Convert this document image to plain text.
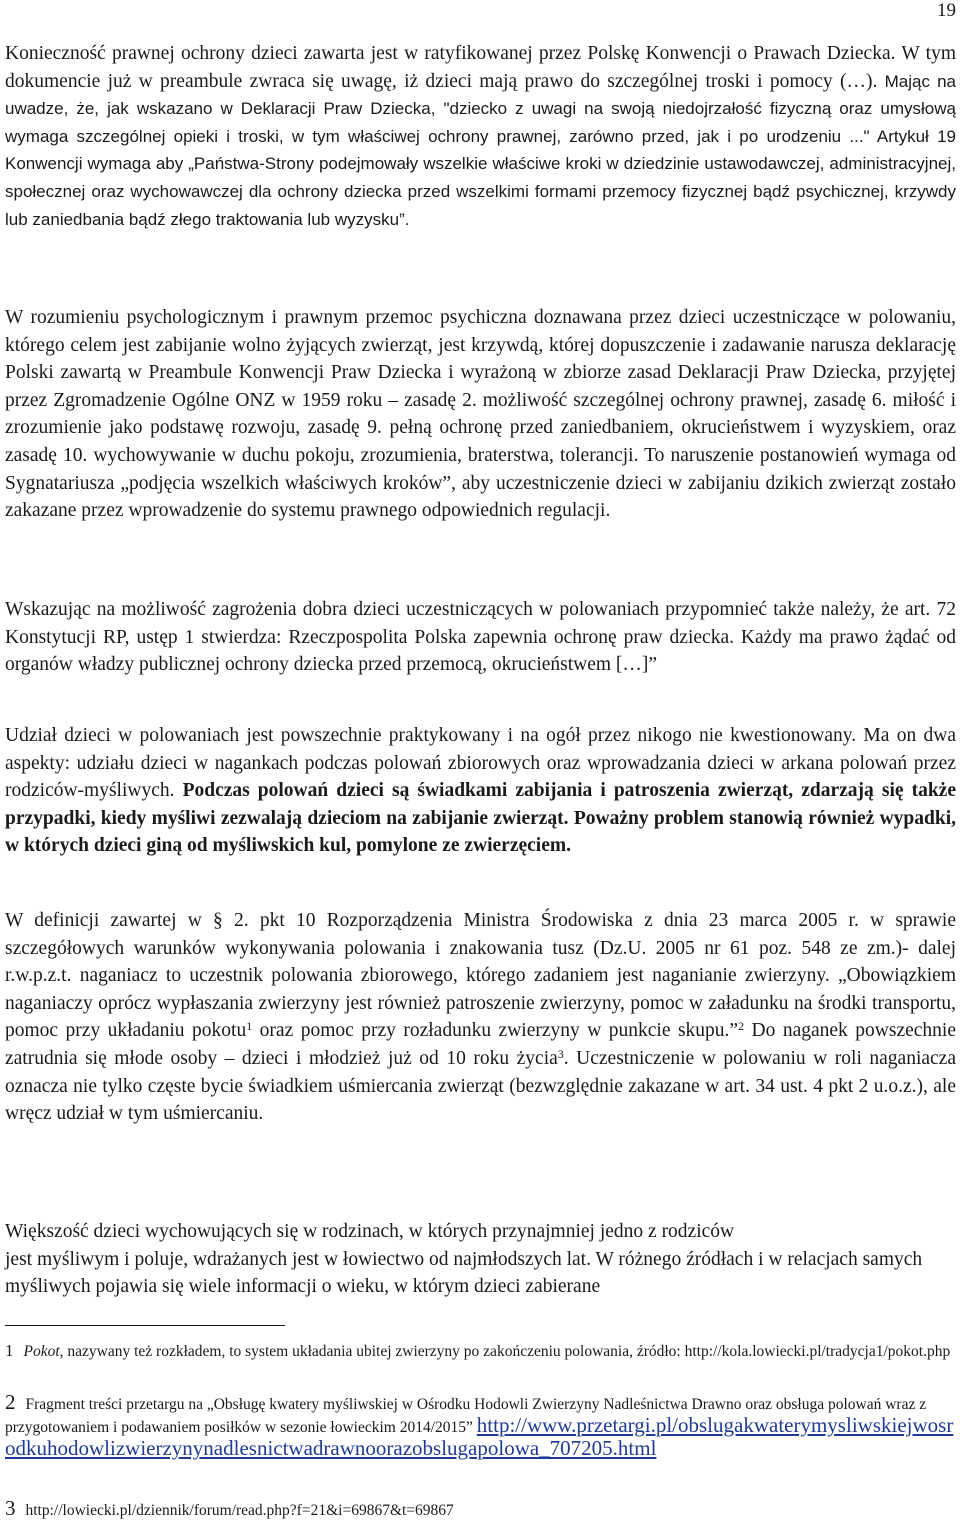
19

Konieczność prawnej ochrony dzieci zawarta jest w ratyfikowanej przez Polskę Konwencji o Prawach Dziecka. W tym dokumencie już w preambule zwraca się uwagę, iż dzieci mają prawo do szczególnej troski i pomocy (…). Mając na uwadze, że, jak wskazano w Deklaracji Praw Dziecka, "dziecko z uwagi na swoją niedojrzałość fizyczną oraz umysłową wymaga szczególnej opieki i troski, w tym właściwej ochrony prawnej, zarówno przed, jak i po urodzeniu ..." Artykuł 19 Konwencji wymaga aby „Państwa-Strony podejmowały wszelkie właściwe kroki w dziedzinie ustawodawczej, administracyjnej, społecznej oraz wychowawczej dla ochrony dziecka przed wszelkimi formami przemocy fizycznej bądź psychicznej, krzywdy lub zaniedbania bądź złego traktowania lub wyzysku”.

W rozumieniu psychologicznym i prawnym przemoc psychiczna doznawana przez dzieci uczestniczące w polowaniu, którego celem jest zabijanie wolno żyjących zwierząt, jest krzywdą, której dopuszczenie i zadawanie narusza deklarację Polski zawartą w Preambule Konwencji Praw Dziecka i wyrażoną w zbiorze zasad Deklaracji Praw Dziecka, przyjętej przez Zgromadzenie Ogólne ONZ w 1959 roku – zasadę 2. możliwość szczególnej ochrony prawnej, zasadę 6. miłość i zrozumienie jako podstawę rozwoju, zasadę 9. pełną ochronę przed zaniedbaniem, okrucieństwem i wyzyskiem, oraz zasadę 10. wychowywanie w duchu pokoju, zrozumienia, braterstwa, tolerancji. To naruszenie postanowień wymaga od Sygnatariusza „podjęcia wszelkich właściwych kroków”, aby uczestniczenie dzieci w zabijaniu dzikich zwierząt zostało zakazane przez wprowadzenie do systemu prawnego odpowiednich regulacji.

Wskazując na możliwość zagrożenia dobra dzieci uczestniczących w polowaniach przypomnieć także należy, że art. 72 Konstytucji RP, ustęp 1 stwierdza: Rzeczpospolita Polska zapewnia ochronę praw dziecka. Każdy ma prawo żądać od organów władzy publicznej ochrony dziecka przed przemocą, okrucieństwem […]”

Udział dzieci w polowaniach jest powszechnie praktykowany i na ogół przez nikogo nie kwestionowany. Ma on dwa aspekty: udziału dzieci w nagankach podczas polowań zbiorowych oraz wprowadzania dzieci w arkana polowań przez rodziców-myśliwych. Podczas polowań dzieci są świadkami zabijania i patroszenia zwierząt, zdarzają się także przypadki, kiedy myśliwi zezwalają dzieciom na zabijanie zwierząt. Poważny problem stanowią również wypadki, w których dzieci giną od myśliwskich kul, pomylone ze zwierzęciem.

W definicji zawartej w § 2. pkt 10 Rozporządzenia Ministra Środowiska z dnia 23 marca 2005 r. w sprawie szczegółowych warunków wykonywania polowania i znakowania tusz (Dz.U. 2005 nr 61 poz. 548 ze zm.)- dalej r.w.p.z.t. naganiacz to uczestnik polowania zbiorowego, którego zadaniem jest naganianie zwierzyny. „Obowiązkiem naganiaczy oprócz wypłaszania zwierzyny jest również patroszenie zwierzyny, pomoc w załadunku na środki transportu, pomoc przy układaniu pokotu$^1$ oraz pomoc przy rozładunku zwierzyny w punkcie skupu.”$^2$ Do naganek powszechnie zatrudnia się młode osoby – dzieci i młodzież już od 10 roku życia$^3$. Uczestniczenie w polowaniu w roli naganiacza oznacza nie tylko częste bycie świadkiem uśmiercania zwierząt (bezwzględnie zakazane w art. 34 ust. 4 pkt 2 u.o.z.), ale wręcz udział w tym uśmiercaniu.

Większość dzieci wychowujących się w rodzinach, w których przynajmniej jedno z rodziców
jest myśliwym i poluje, wdrażanych jest w łowiectwo od najmłodszych lat. W różnego źródłach i w relacjach samych myśliwych pojawia się wiele informacji o wieku, w którym dzieci zabierane

1 Pokot, nazywany też rozkładem, to system układania ubitej zwierzyny po zakończeniu polowania, źródło: http://kola.lowiecki.pl/tradycja1/pokot.php

2 Fragment treści przetargu na „Obsługę kwatery myśliwskiej w Ośrodku Hodowli Zwierzyny Nadleśnictwa Drawno oraz obsługa polowań wraz z przygotowaniem i podawaniem posiłków w sezonie łowieckim 2014/2015” http://www.przetargi.pl/obslugakwaterymysliwskiejwosrodkuhodowlizwierzynynadlesnictwadrawnoorazobslugapolowa_707205.html

3 http://lowiecki.pl/dziennik/forum/read.php?f=21&i=69867&t=69867
